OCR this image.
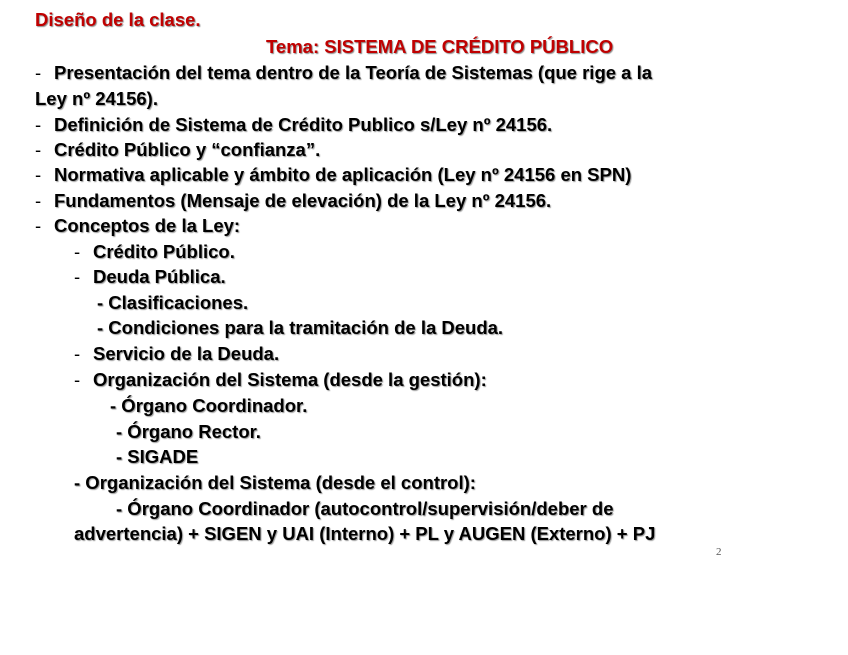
Diseño de la clase.
Tema: SISTEMA DE CRÉDITO PÚBLICO
- Presentación del tema dentro de la Teoría de Sistemas (que rige a la
Ley nº 24156).
- Definición de Sistema de Crédito Publico s/Ley nº 24156.
- Crédito Público y “confianza”.
- Normativa aplicable y ámbito de aplicación (Ley nº 24156 en SPN)
- Fundamentos (Mensaje de elevación) de la Ley nº 24156.
- Conceptos de la Ley:
- Crédito Público.
- Deuda Pública.
- Clasificaciones.
- Condiciones para la tramitación de la Deuda.
- Servicio de la Deuda.
- Organización del Sistema (desde la gestión):
- Órgano Coordinador.
- Órgano Rector.
- SIGADE
- Organización del Sistema (desde el control):
- Órgano Coordinador (autocontrol/supervisión/deber de
advertencia) + SIGEN y UAI (Interno) + PL y AUGEN (Externo) + PJ
2
